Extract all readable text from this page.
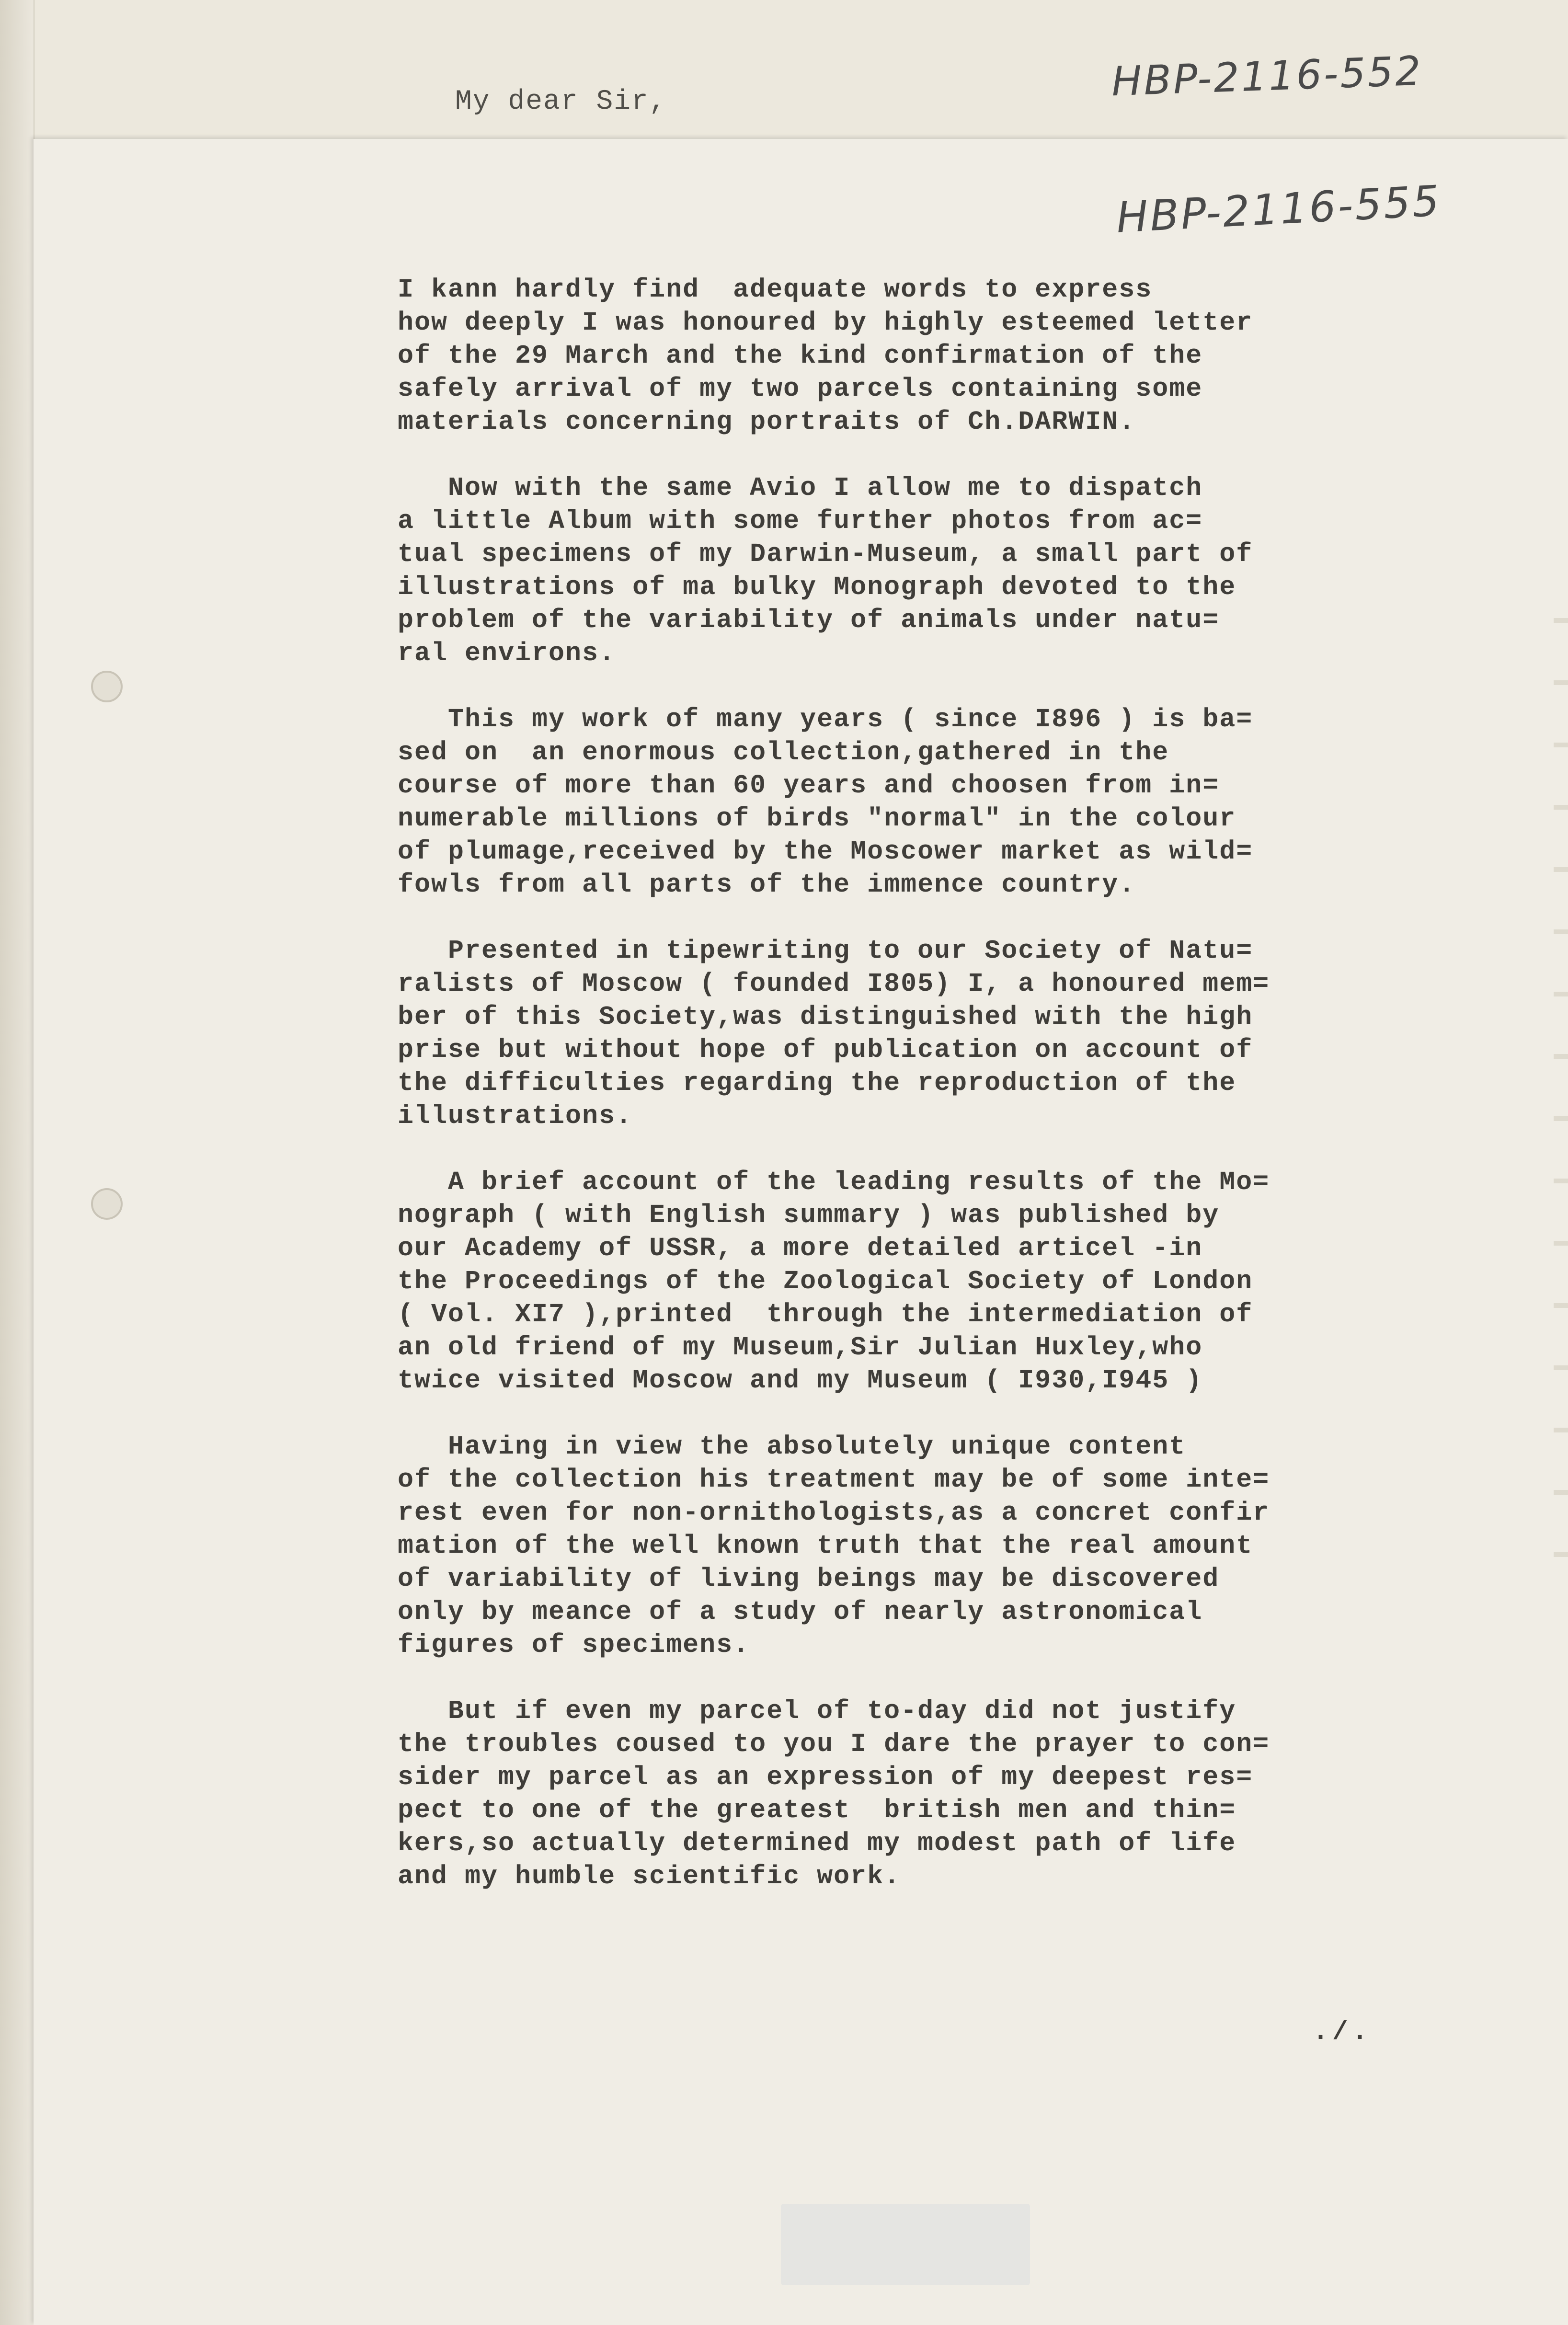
My dear Sir,	HBP-2116-552
HBP-2116-555
I kann hardly find  adequate words to express
how deeply I was honoured by highly esteemed letter
of the 29 March and the kind confirmation of the
safely arrival of my two parcels containing some
materials concerning portraits of Ch.DARWIN.
Now with the same Avio I allow me to dispatch
a little Album with some further photos from ac=
tual specimens of my Darwin-Museum, a small part of
illustrations of ma bulky Monograph devoted to the
problem of the variability of animals under natu=
ral environs.
This my work of many years ( since I896 ) is ba=
sed on  an enormous collection,gathered in the
course of more than 60 years and choosen from in=
numerable millions of birds "normal" in the colour
of plumage,received by the Moscower market as wild=
fowls from all parts of the immence country.
Presented in tipewriting to our Society of Natu=
ralists of Moscow ( founded I805) I, a honoured mem=
ber of this Society,was distinguished with the high
prise but without hope of publication on account of
the difficulties regarding the reproduction of the
illustrations.
A brief account of the leading results of the Mo=
nograph ( with English summary ) was published by
our Academy of USSR, a more detailed articel -in
the Proceedings of the Zoological Society of London
( Vol. XI7 ),printed  through the intermediation of
an old friend of my Museum,Sir Julian Huxley,who
twice visited Moscow and my Museum ( I930,I945 )
Having in view the absolutely unique content
of the collection his treatment may be of some inte=
rest even for non-ornithologists,as a concret confir
mation of the well known truth that the real amount
of variability of living beings may be discovered
only by meance of a study of nearly astronomical
figures of specimens.
But if even my parcel of to-day did not justify
the troubles coused to you I dare the prayer to con=
sider my parcel as an expression of my deepest res=
pect to one of the greatest  british men and thin=
kers,so actually determined my modest path of life
and my humble scientific work.
./.
